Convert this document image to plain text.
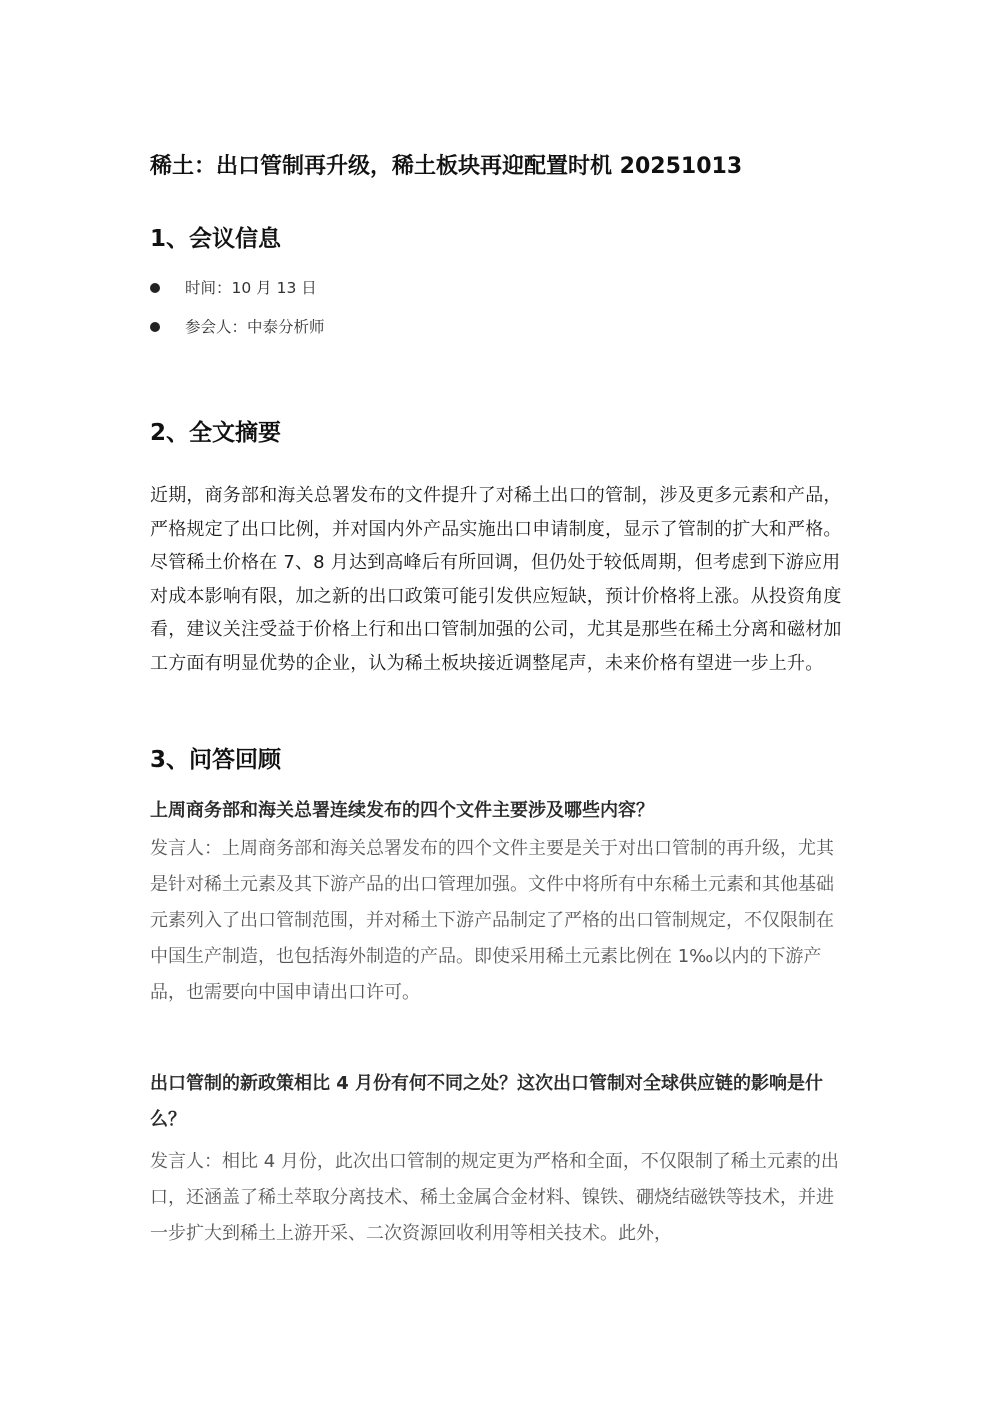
稀土：出口管制再升级，稀土板块再迎配置时机 20251013
1、会议信息
时间：10 月 13 日
参会人：中泰分析师
2、全文摘要
近期，商务部和海关总署发布的文件提升了对稀土出口的管制，涉及更多元素和产品，严格规定了出口比例，并对国内外产品实施出口申请制度，显示了管制的扩大和严格。尽管稀土价格在 7、8 月达到高峰后有所回调，但仍处于较低周期，但考虑到下游应用对成本影响有限，加之新的出口政策可能引发供应短缺，预计价格将上涨。从投资角度看，建议关注受益于价格上行和出口管制加强的公司，尤其是那些在稀土分离和磁材加工方面有明显优势的企业，认为稀土板块接近调整尾声，未来价格有望进一步上升。
3、问答回顾
上周商务部和海关总署连续发布的四个文件主要涉及哪些内容？
发言人：上周商务部和海关总署发布的四个文件主要是关于对出口管制的再升级，尤其是针对稀土元素及其下游产品的出口管理加强。文件中将所有中东稀土元素和其他基础元素列入了出口管制范围，并对稀土下游产品制定了严格的出口管制规定，不仅限制在中国生产制造，也包括海外制造的产品。即使采用稀土元素比例在 1‰以内的下游产品，也需要向中国申请出口许可。
出口管制的新政策相比 4 月份有何不同之处？这次出口管制对全球供应链的影响是什么？
发言人：相比 4 月份，此次出口管制的规定更为严格和全面，不仅限制了稀土元素的出口，还涵盖了稀土萃取分离技术、稀土金属合金材料、镍铁、硼烧结磁铁等技术，并进一步扩大到稀土上游开采、二次资源回收利用等相关技术。此外，
